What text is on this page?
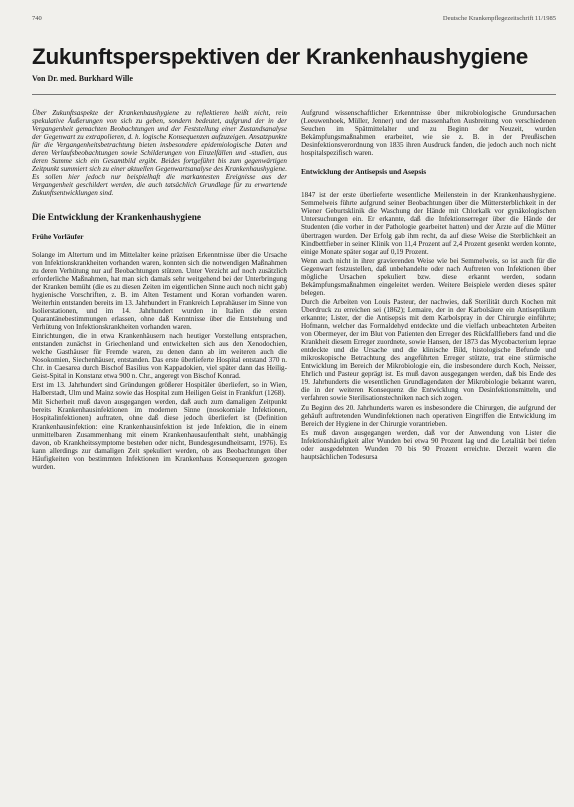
740	Deutsche Krankenpflegezeitschrift 11/1985
Zukunftsperspektiven der Krankenhaushygiene
Von Dr. med. Burkhard Wille

Über Zukunftsaspekte der Krankenhaushygiene zu reflektieren heißt nicht, rein spekulative Äußerungen von sich zu geben, sondern bedeutet, aufgrund der in der Vergangenheit gemachten Beobachtungen und der Feststellung einer Zustandsanalyse der Gegenwart zu extrapolieren, d. h. logische Konsequenzen aufzuzeigen. Ansatzpunkte für die Vergangenheitsbetrachtung bieten insbesondere epidemiologische Daten und deren Verlaufsbeobachtungen sowie Schilderungen von Einzelfällen und -studien, aus deren Summe sich ein Gesamtbild ergibt. Beides fortgeführt bis zum gegenwärtigen Zeitpunkt summiert sich zu einer aktuellen Gegenwartsanalyse des Krankenhaushygiene. Es sollen hier jedoch nur beispielhaft die markantesten Ereignisse aus der Vergangenheit geschildert werden, die auch tatsächlich Grundlage für zu erwartende Zukunftsentwicklungen sind.

Die Entwicklung der Krankenhaushygiene
Frühe Vorläufer

Solange im Altertum und im Mittelalter keine präzisen Erkenntnisse über die Ursache von Infektionskrankheiten vorhanden waren, konnten sich die notwendigen Maßnahmen zu deren Verhütung nur auf Beobachtungen stützen. Unter Verzicht auf noch zusätzlich erforderliche Maßnahmen, hat man sich damals sehr weitgehend bei der Unterbringung der Kranken bemüht (die es zu diesen Zeiten im eigentlichen Sinne auch noch nicht gab) hygienische Vorschriften, z. B. im Alten Testament und Koran vorhanden waren. Weiterhin entstanden bereits im 13. Jahrhundert in Frankreich Leprahäuser im Sinne von Isolierstationen, und im 14. Jahrhundert wurden in Italien die ersten Quarantänebestimmungen erlassen, ohne daß Kenntnisse über die Entstehung und Verhütung von Infektionskrankheiten vorhanden waren.

Einrichtungen, die in etwa Krankenhäusern nach heutiger Vorstellung entsprachen, entstanden zunächst in Griechenland und entwickelten sich aus den Xenodochien, welche Gasthäuser für Fremde waren, zu denen dann ab im weiteren auch die Nosokomien, Siechenhäuser, entstanden. Das erste überlieferte Hospital entstand 370 n. Chr. in Caesarea durch Bischof Basilius von Kappadokien, viel später dann das Heilig-Geist-Spital in Konstanz etwa 900 n. Chr., angeregt von Bischof Konrad.

Erst im 13. Jahrhundert sind Gründungen größerer Hospitäler überliefert, so in Wien, Halberstadt, Ulm und Mainz sowie das Hospital zum Heiligen Geist in Frankfurt (1268).

Mit Sicherheit muß davon ausgegangen werden, daß auch zum damaligen Zeitpunkt bereits Krankenhausinfektionen im modernen Sinne (nosokomiale Infektionen, Hospitalinfektionen) auftraten, ohne daß diese jedoch überliefert ist (Definition Krankenhausinfektion: eine Krankenhausinfektion ist jede Infektion, die in einem unmittelbaren Zusammenhang mit einem Krankenhausaufenthalt steht, unabhängig davon, ob Krankheitssymptome bestehen oder nicht, Bundesgesundheitsamt, 1976). Es kann allerdings zur damaligen Zeit spekuliert werden, ob aus Beobachtungen über Häufigkeiten von bestimmten Infektionen im Krankenhaus Konsequenzen gezogen wurden.

Aufgrund wissenschaftlicher Erkenntnisse über mikrobiologische Grundursachen (Leeuwenhoek, Müller, Jenner) und der massenhaften Ausbreitung von verschiedenen Seuchen im Spätmittelalter und zu Beginn der Neuzeit, wurden Bekämpfungsmaßnahmen erarbeitet, wie sie z. B. in der Preußischen Desinfektionsverordnung von 1835 ihren Ausdruck fanden, die jedoch auch noch nicht hospitalspezifisch waren.

Entwicklung der Antisepsis und Asepsis

1847 ist der erste überlieferte wesentliche Meilenstein in der Krankenhaushygiene. Semmelweis führte aufgrund seiner Beobachtungen über die Müttersterblichkeit in der Wiener Geburtsklinik die Waschung der Hände mit Chlorkalk vor gynäkologischen Untersuchungen ein. Er erkannte, daß die Infektionserreger über die Hände der Studenten (die vorher in der Pathologie gearbeitet hatten) und der Ärzte auf die Mütter übertragen wurden. Der Erfolg gab ihm recht, da auf diese Weise die Sterblichkeit an Kindbettfieber in seiner Klinik von 11,4 Prozent auf 2,4 Prozent gesenkt werden konnte, einige Monate später sogar auf 0,19 Prozent.

Wenn auch nicht in ihrer gravierenden Weise wie bei Semmelweis, so ist auch für die Gegenwart festzustellen, daß unbehandelte oder nach Auftreten von Infektionen über mögliche Ursachen spekuliert bzw. diese erkannt werden, sodann Bekämpfungsmaßnahmen eingeleitet werden. Weitere Beispiele werden dieses später belegen.

Durch die Arbeiten von Louis Pasteur, der nachwies, daß Sterilität durch Kochen mit Überdruck zu erreichen sei (1862); Lemaire, der in der Karbolsäure ein Antiseptikum erkannte; Lister, der die Antisepsis mit dem Karbolspray in der Chirurgie einführte; Hofmann, welcher das Formaldehyd entdeckte und die vielfach unbeachteten Arbeiten von Obermeyer, der im Blut von Patienten den Erreger des Rückfallfiebers fand und die Krankheit diesem Erreger zuordnete, sowie Hansen, der 1873 das Mycobacterium leprae entdeckte und die Ursache und die klinische Bild, histologische Befunde und mikroskopische Betrachtung des angeführten Erreger stützte, trat eine stürmische Entwicklung im Bereich der Mikrobiologie ein, die insbesondere durch Koch, Neisser, Ehrlich und Pasteur geprägt ist. Es muß davon ausgegangen werden, daß bis Ende des 19. Jahrhunderts die wesentlichen Grundlagendaten der Mikrobiologie bekannt waren, die in der weiteren Konsequenz die Entwicklung von Desinfektionsmitteln, und verfahren sowie Sterilisationstechniken nach sich zogen.

Zu Beginn des 20. Jahrhunderts waren es insbesondere die Chirurgen, die aufgrund der gehäuft auftretenden Wundinfektionen nach operativen Eingriffen die Entwicklung im Bereich der Hygiene in der Chirurgie vorantrieben.

Es muß davon ausgegangen werden, daß vor der Anwendung von Lister die Infektionshäufigkeit aller Wunden bei etwa 90 Prozent lag und die Letalität bei tiefen oder ausgedehnten Wunden 70 bis 90 Prozent erreichte. Derzeit waren die hauptsächlichen Todesursa
